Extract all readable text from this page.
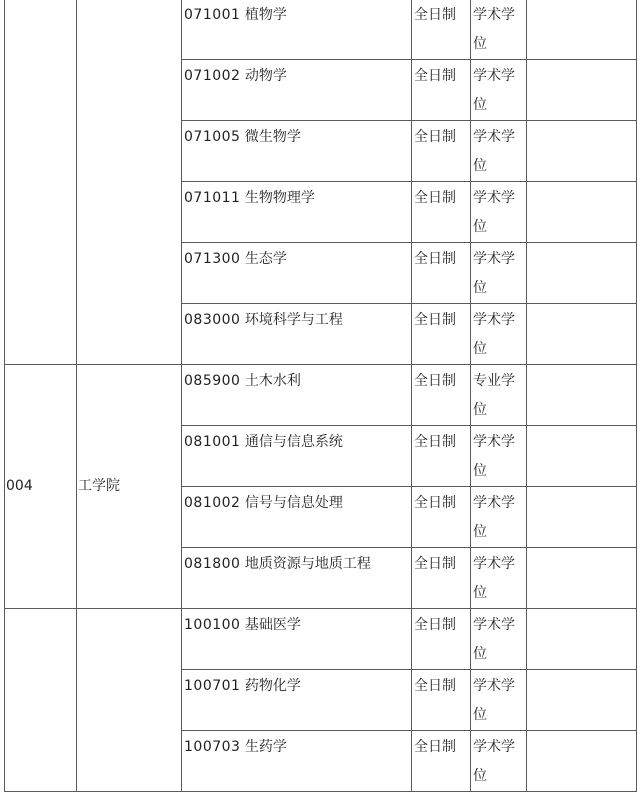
		071001 植物学	全日制	学术学位	

		071002 动物学	全日制	学术学位	

		071005 微生物学	全日制	学术学位	

		071011 生物物理学	全日制	学术学位	

		071300 生态学	全日制	学术学位	

		083000 环境科学与工程	全日制	学术学位	

004	工学院	085900 土木水利	全日制	专业学位	

		081001 通信与信息系统	全日制	学术学位	

		081002 信号与信息处理	全日制	学术学位	

		081800 地质资源与地质工程	全日制	学术学位	

		100100 基础医学	全日制	学术学位	

		100701 药物化学	全日制	学术学位	

		100703 生药学	全日制	学术学位	
